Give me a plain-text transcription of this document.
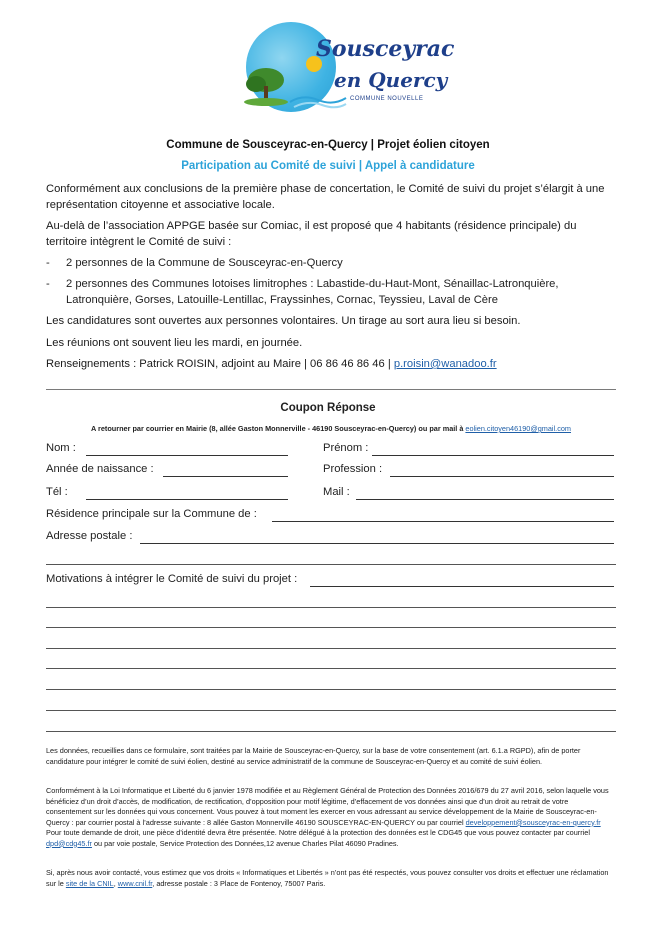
Sousceyrac
en Quercy
COMMUNE NOUVELLE
Commune de Sousceyrac-en-Quercy | Projet éolien citoyen
Participation au Comité de suivi | Appel à candidature
Conformément aux conclusions de la première phase de concertation, le Comité de suivi du projet s’élargit à une représentation citoyenne et associative locale.
Au-delà de l’association APPGE basée sur Comiac, il est proposé que 4 habitants (résidence principale) du territoire intègrent le Comité de suivi :
- 2 personnes de la Commune de Sousceyrac-en-Quercy
- 2 personnes des Communes lotoises limitrophes : Labastide-du-Haut-Mont, Sénaillac-Latronquière, Latronquière, Gorses, Latouille-Lentillac, Frayssinhes, Cornac, Teyssieu, Laval de Cère
Les candidatures sont ouvertes aux personnes volontaires. Un tirage au sort aura lieu si besoin.
Les réunions ont souvent lieu les mardi, en journée.
Renseignements : Patrick ROISIN, adjoint au Maire | 06 86 46 86 46 | p.roisin@wanadoo.fr
Coupon Réponse
A retourner par courrier en Mairie (8, allée Gaston Monnerville - 46190 Sousceyrac-en-Quercy) ou par mail à eolien.citoyen46190@gmail.com
Nom :	Prénom :
Année de naissance :	Profession :
Tél :	Mail :
Résidence principale sur la Commune de :
Adresse postale :
Motivations à intégrer le Comité de suivi du projet :
Les données, recueillies dans ce formulaire, sont traitées par la Mairie de Sousceyrac-en-Quercy, sur la base de votre consentement (art. 6.1.a RGPD), afin de porter candidature pour intégrer le comité de suivi éolien, destiné au service administratif de la commune de Sousceyrac-en-Quercy et au comité de suivi éolien.
Conformément à la Loi Informatique et Liberté du 6 janvier 1978 modifiée et au Règlement Général de Protection des Données 2016/679 du 27 avril 2016, selon laquelle vous bénéficiez d’un droit d’accès, de modification, de rectification, d’opposition pour motif légitime, d’effacement de vos données ainsi que d’un droit au retrait de votre consentement sur les données qui vous concernent. Vous pouvez à tout moment les exercer en vous adressant au service développement de la Mairie de Sousceyrac-en-Quercy : par courrier postal à l’adresse suivante : 8 allée Gaston Monnerville 46190 SOUSCEYRAC-EN-QUERCY ou par courriel developpement@sousceyrac-en-quercy.fr Pour toute demande de droit, une pièce d’identité devra être présentée. Notre délégué à la protection des données est le CDG45 que vous pouvez contacter par courriel dpd@cdg45.fr ou par voie postale, Service Protection des Données,12 avenue Charles Pilat 46090 Pradines.
Si, après nous avoir contacté, vous estimez que vos droits « Informatiques et Libertés » n’ont pas été respectés, vous pouvez consulter vos droits et effectuer une réclamation sur le site de la CNIL, www.cnil.fr, adresse postale : 3 Place de Fontenoy, 75007 Paris.
